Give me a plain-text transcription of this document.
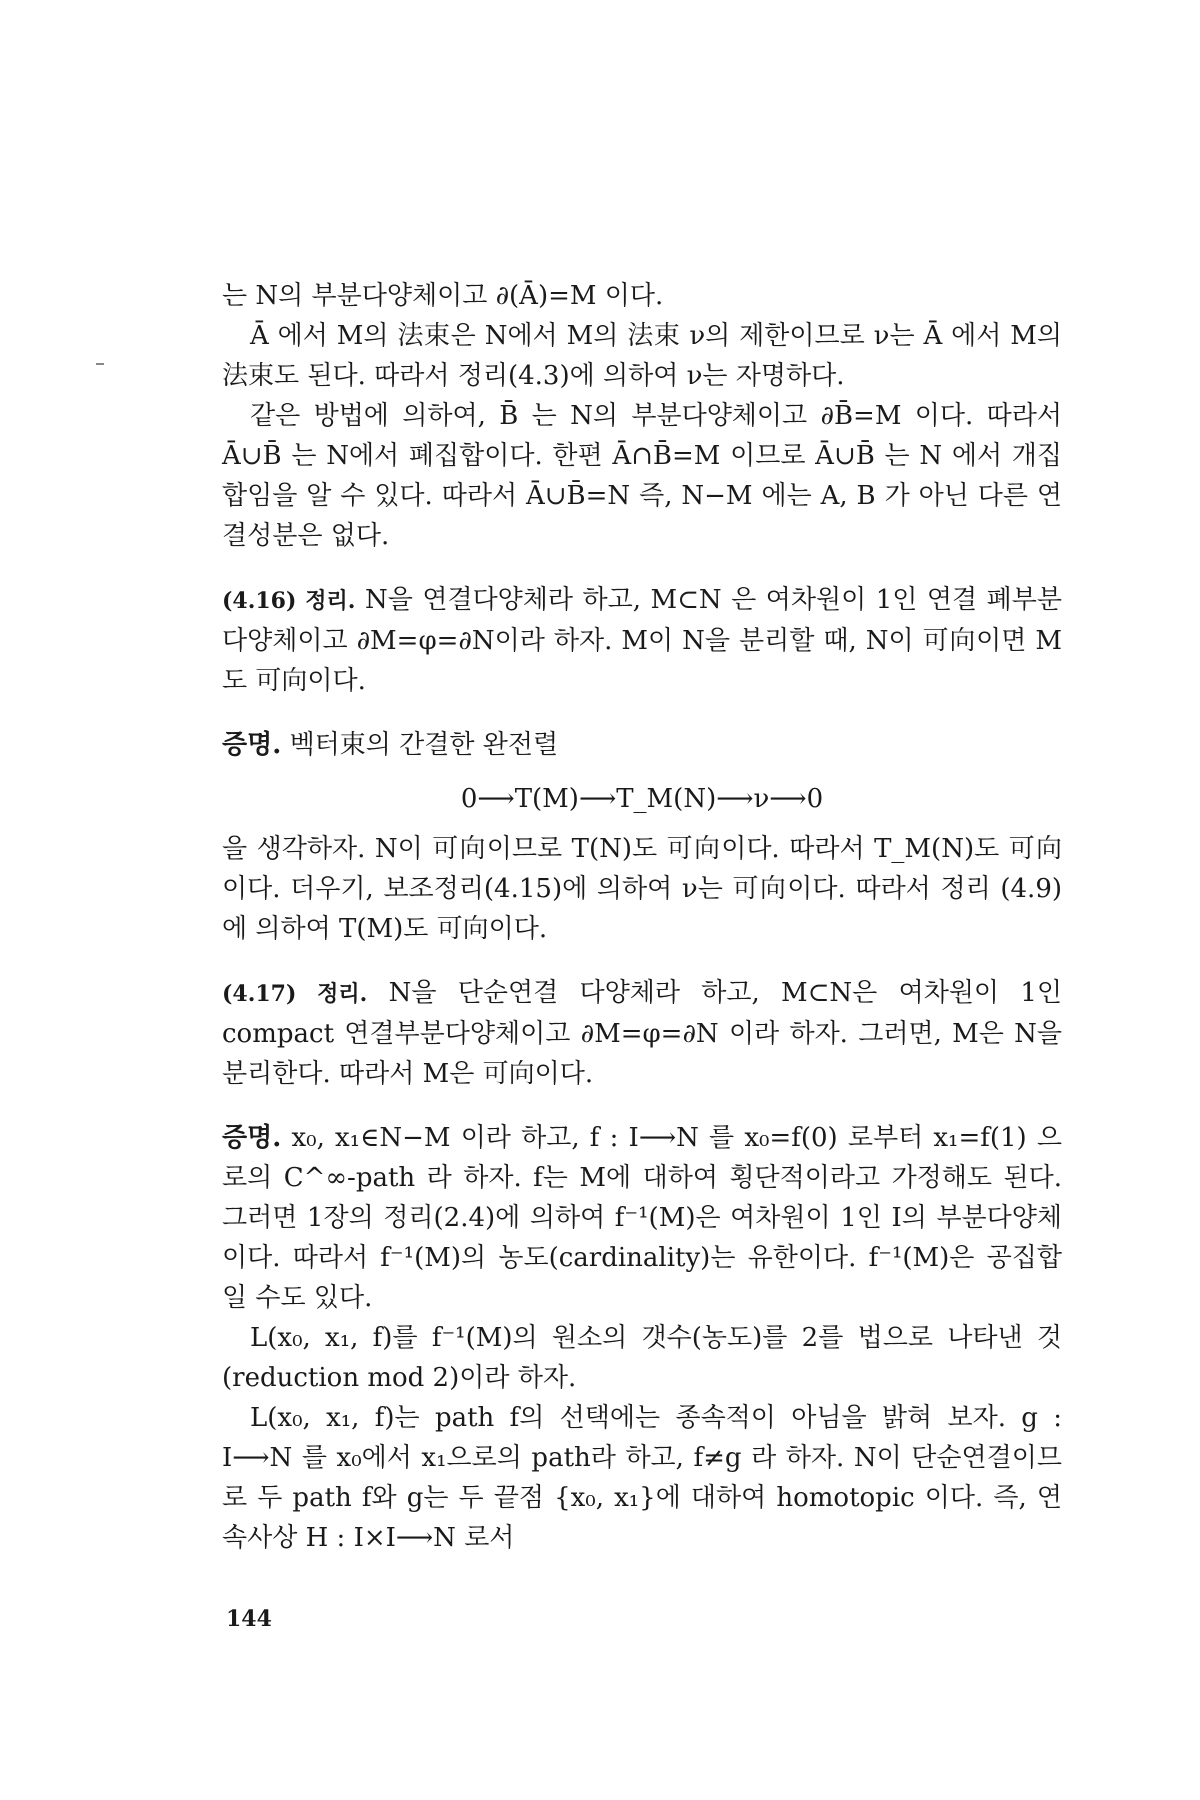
는 N의 부분다양체이고 ∂(Ā)=M 이다.

Ā 에서 M의 法束은 N에서 M의 法束 ν의 제한이므로 ν는 Ā 에서 M의 法束도 된다. 따라서 정리(4.3)에 의하여 ν는 자명하다.

같은 방법에 의하여, B̄ 는 N의 부분다양체이고 ∂B̄=M 이다. 따라서 Ā∪B̄ 는 N에서 폐집합이다. 한편 Ā∩B̄=M 이므로 Ā∪B̄ 는 N 에서 개집합임을 알 수 있다. 따라서 Ā∪B̄=N 즉, N−M 에는 A, B 가 아닌 다른 연결성분은 없다.

(4.16) 정리. N을 연결다양체라 하고, M⊂N 은 여차원이 1인 연결 폐부분다양체이고 ∂M=φ=∂N이라 하자. M이 N을 분리할 때, N이 可向이면 M도 可向이다.

증명. 벡터束의 간결한 완전렬

0⟶T(M)⟶T_M(N)⟶ν⟶0

을 생각하자. N이 可向이므로 T(N)도 可向이다. 따라서 T_M(N)도 可向이다. 더우기, 보조정리(4.15)에 의하여 ν는 可向이다. 따라서 정리 (4.9)에 의하여 T(M)도 可向이다.

(4.17) 정리. N을 단순연결 다양체라 하고, M⊂N은 여차원이 1인 compact 연결부분다양체이고 ∂M=φ=∂N 이라 하자. 그러면, M은 N을 분리한다. 따라서 M은 可向이다.

증명. x₀, x₁∈N−M 이라 하고, f : I⟶N 를 x₀=f(0) 로부터 x₁=f(1) 으로의 C^∞-path 라 하자. f는 M에 대하여 횡단적이라고 가정해도 된다. 그러면 1장의 정리(2.4)에 의하여 f⁻¹(M)은 여차원이 1인 I의 부분다양체이다. 따라서 f⁻¹(M)의 농도(cardinality)는 유한이다. f⁻¹(M)은 공집합일 수도 있다.

L(x₀, x₁, f)를 f⁻¹(M)의 원소의 갯수(농도)를 2를 법으로 나타낸 것(reduction mod 2)이라 하자.

L(x₀, x₁, f)는 path f의 선택에는 종속적이 아님을 밝혀 보자. g : I⟶N 를 x₀에서 x₁으로의 path라 하고, f≠g 라 하자. N이 단순연결이므로 두 path f와 g는 두 끝점 {x₀, x₁}에 대하여 homotopic 이다. 즉, 연속사상 H : I×I⟶N 로서

144
